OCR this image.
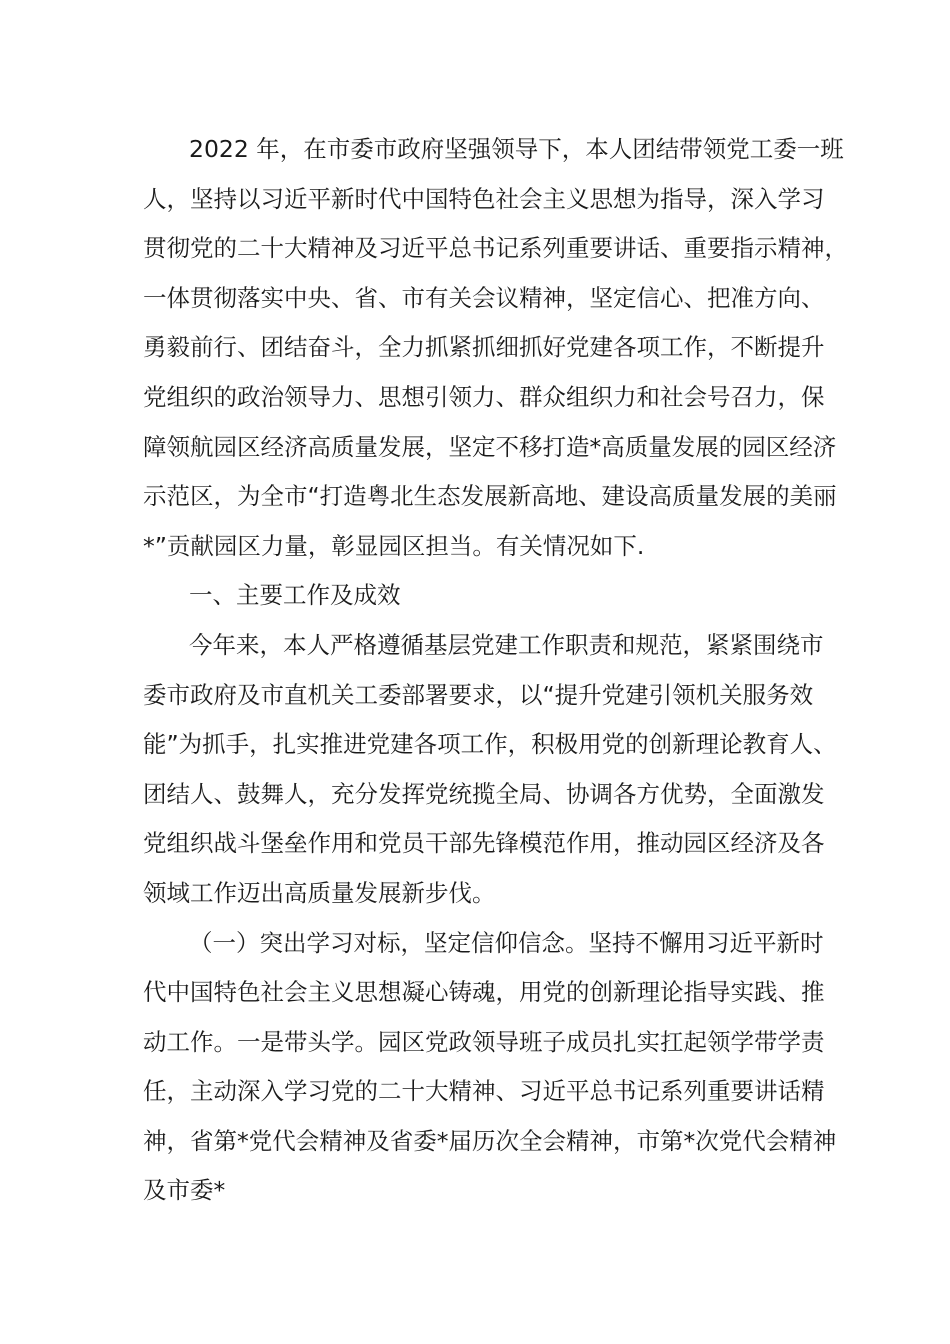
2022 年，在市委市政府坚强领导下，本人团结带领党工委一班
人，坚持以习近平新时代中国特色社会主义思想为指导，深入学习
贯彻党的二十大精神及习近平总书记系列重要讲话、重要指示精神，
一体贯彻落实中央、省、市有关会议精神，坚定信心、把准方向、
勇毅前行、团结奋斗，全力抓紧抓细抓好党建各项工作，不断提升
党组织的政治领导力、思想引领力、群众组织力和社会号召力，保
障领航园区经济高质量发展，坚定不移打造*高质量发展的园区经济
示范区，为全市“打造粤北生态发展新高地、建设高质量发展的美丽
*”贡献园区力量，彰显园区担当。有关情况如下.
一、主要工作及成效
今年来，本人严格遵循基层党建工作职责和规范，紧紧围绕市
委市政府及市直机关工委部署要求，以“提升党建引领机关服务效
能”为抓手，扎实推进党建各项工作，积极用党的创新理论教育人、
团结人、鼓舞人，充分发挥党统揽全局、协调各方优势，全面激发
党组织战斗堡垒作用和党员干部先锋模范作用，推动园区经济及各
领域工作迈出高质量发展新步伐。
（一）突出学习对标，坚定信仰信念。坚持不懈用习近平新时
代中国特色社会主义思想凝心铸魂，用党的创新理论指导实践、推
动工作。一是带头学。园区党政领导班子成员扎实扛起领学带学责
任，主动深入学习党的二十大精神、习近平总书记系列重要讲话精
神，省第*党代会精神及省委*届历次全会精神，市第*次党代会精神
及市委*
